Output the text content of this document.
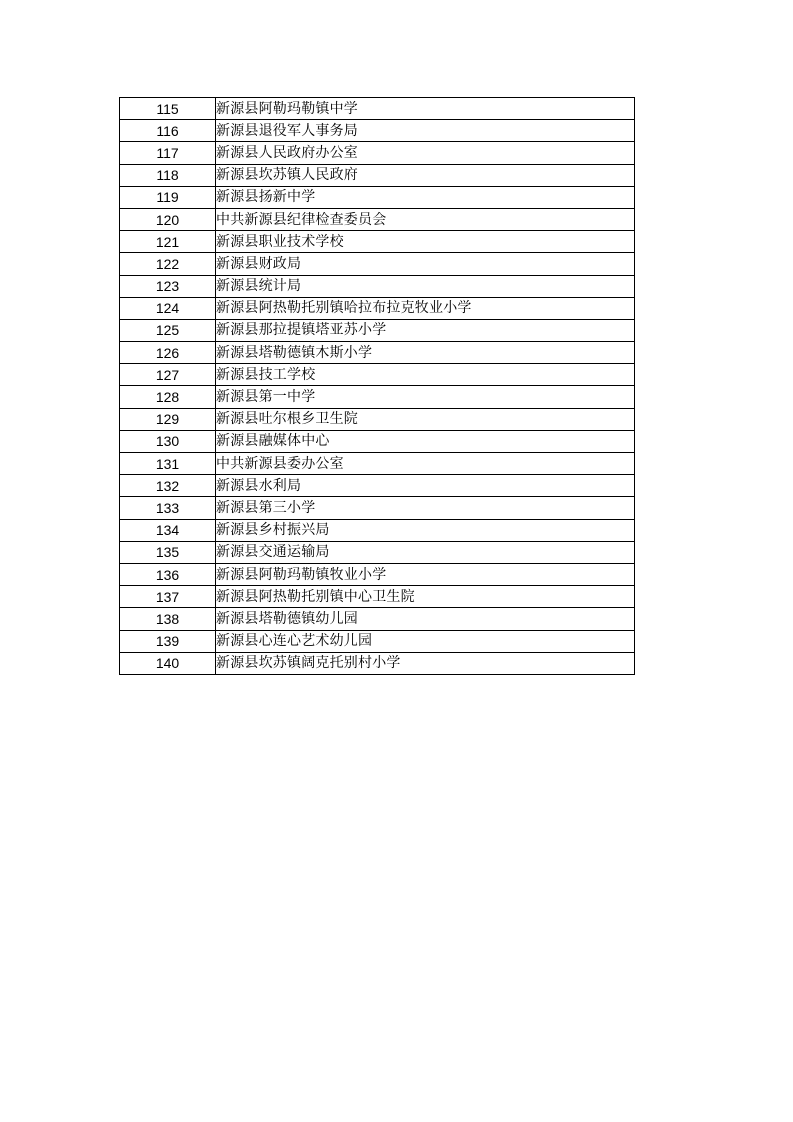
115	新源县阿勒玛勒镇中学
116	新源县退役军人事务局
117	新源县人民政府办公室
118	新源县坎苏镇人民政府
119	新源县扬新中学
120	中共新源县纪律检查委员会
121	新源县职业技术学校
122	新源县财政局
123	新源县统计局
124	新源县阿热勒托别镇哈拉布拉克牧业小学
125	新源县那拉提镇塔亚苏小学
126	新源县塔勒德镇木斯小学
127	新源县技工学校
128	新源县第一中学
129	新源县吐尔根乡卫生院
130	新源县融媒体中心
131	中共新源县委办公室
132	新源县水利局
133	新源县第三小学
134	新源县乡村振兴局
135	新源县交通运输局
136	新源县阿勒玛勒镇牧业小学
137	新源县阿热勒托别镇中心卫生院
138	新源县塔勒德镇幼儿园
139	新源县心连心艺术幼儿园
140	新源县坎苏镇阔克托别村小学
